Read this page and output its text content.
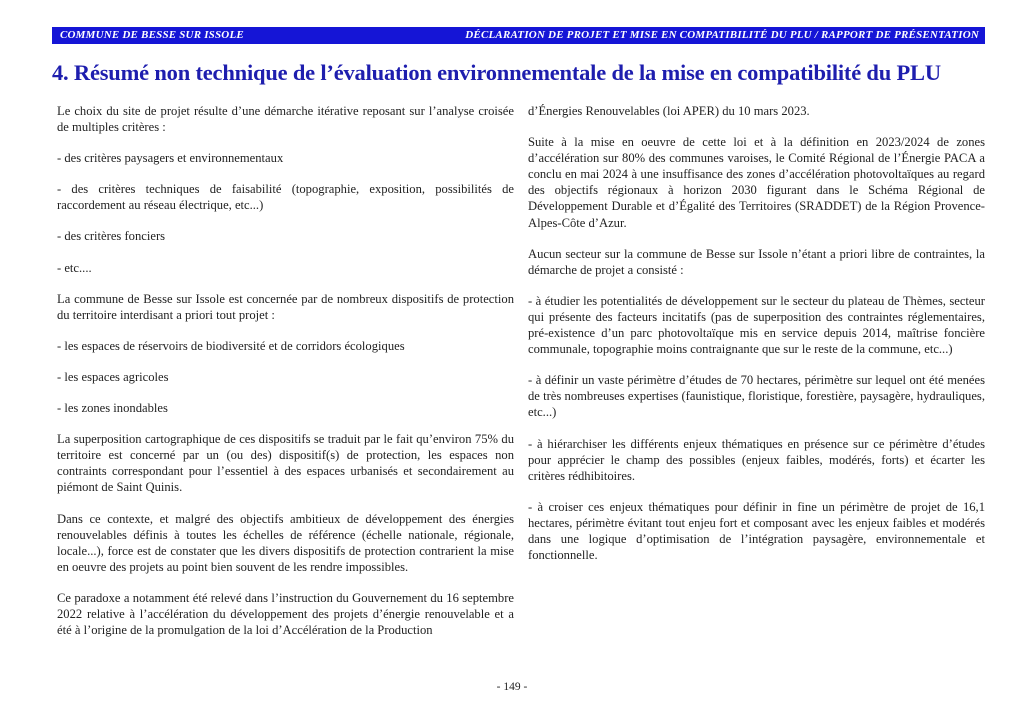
COMMUNE DE BESSE SUR ISSOLE	DÉCLARATION DE PROJET ET MISE EN COMPATIBILITÉ DU PLU / RAPPORT DE PRÉSENTATION
4. Résumé non technique de l’évaluation environnementale de la mise en compatibilité du PLU

Le choix du site de projet résulte d’une démarche itérative reposant sur l’analyse croisée de multiples critères :

- des critères paysagers et environnementaux

- des critères techniques de faisabilité (topographie, exposition, possibilités de raccordement au réseau électrique, etc...)

- des critères fonciers

- etc....

La commune de Besse sur Issole est concernée par de nombreux dispositifs de protection du territoire interdisant a priori tout projet :

- les espaces de réservoirs de biodiversité et de corridors écologiques

- les espaces agricoles

- les zones inondables

La superposition cartographique de ces dispositifs se traduit par le fait qu’environ 75% du territoire est concerné par un (ou des) dispositif(s) de protection, les espaces non contraints correspondant pour l’essentiel à des espaces urbanisés et secondairement au piémont de Saint Quinis.

Dans ce contexte, et malgré des objectifs ambitieux de développement des énergies renouvelables définis à toutes les échelles de référence (échelle nationale, régionale, locale...), force est de constater que les divers dispositifs de protection contrarient la mise en oeuvre des projets au point bien souvent de les rendre impossibles.

Ce paradoxe a notamment été relevé dans l’instruction du Gouvernement du 16 septembre 2022 relative à l’accélération du développement des projets d’énergie renouvelable et a été à l’origine de la promulgation de la loi d’Accélération de la Production

d’Énergies Renouvelables (loi APER) du 10 mars 2023.

Suite à la mise en oeuvre de cette loi et à la définition en 2023/2024 de zones d’accélération sur 80% des communes varoises, le Comité Régional de l’Énergie PACA a conclu en mai 2024 à une insuffisance des zones d’accélération photovoltaïques au regard des objectifs régionaux à horizon 2030 figurant dans le Schéma Régional de Développement Durable et d’Égalité des Territoires (SRADDET) de la Région Provence-Alpes-Côte d’Azur.

Aucun secteur sur la commune de Besse sur Issole n’étant a priori libre de contraintes, la démarche de projet a consisté :

- à étudier les potentialités de développement sur le secteur du plateau de Thèmes, secteur qui présente des facteurs incitatifs (pas de superposition des contraintes réglementaires, pré-existence d’un parc photovoltaïque mis en service depuis 2014, maîtrise foncière communale, topographie moins contraignante que sur le reste de la commune, etc...)

- à définir un vaste périmètre d’études de 70 hectares, périmètre sur lequel ont été menées de très nombreuses expertises (faunistique, floristique, forestière, paysagère, hydrauliques, etc...)

- à hiérarchiser les différents enjeux thématiques en présence sur ce périmètre d’études pour apprécier le champ des possibles (enjeux faibles, modérés, forts) et écarter les critères rédhibitoires.

- à croiser ces enjeux thématiques pour définir in fine un périmètre de projet de 16,1 hectares, périmètre évitant tout enjeu fort et composant avec les enjeux faibles et modérés dans une logique d’optimisation de l’intégration paysagère, environnementale et fonctionnelle.

- 149 -
